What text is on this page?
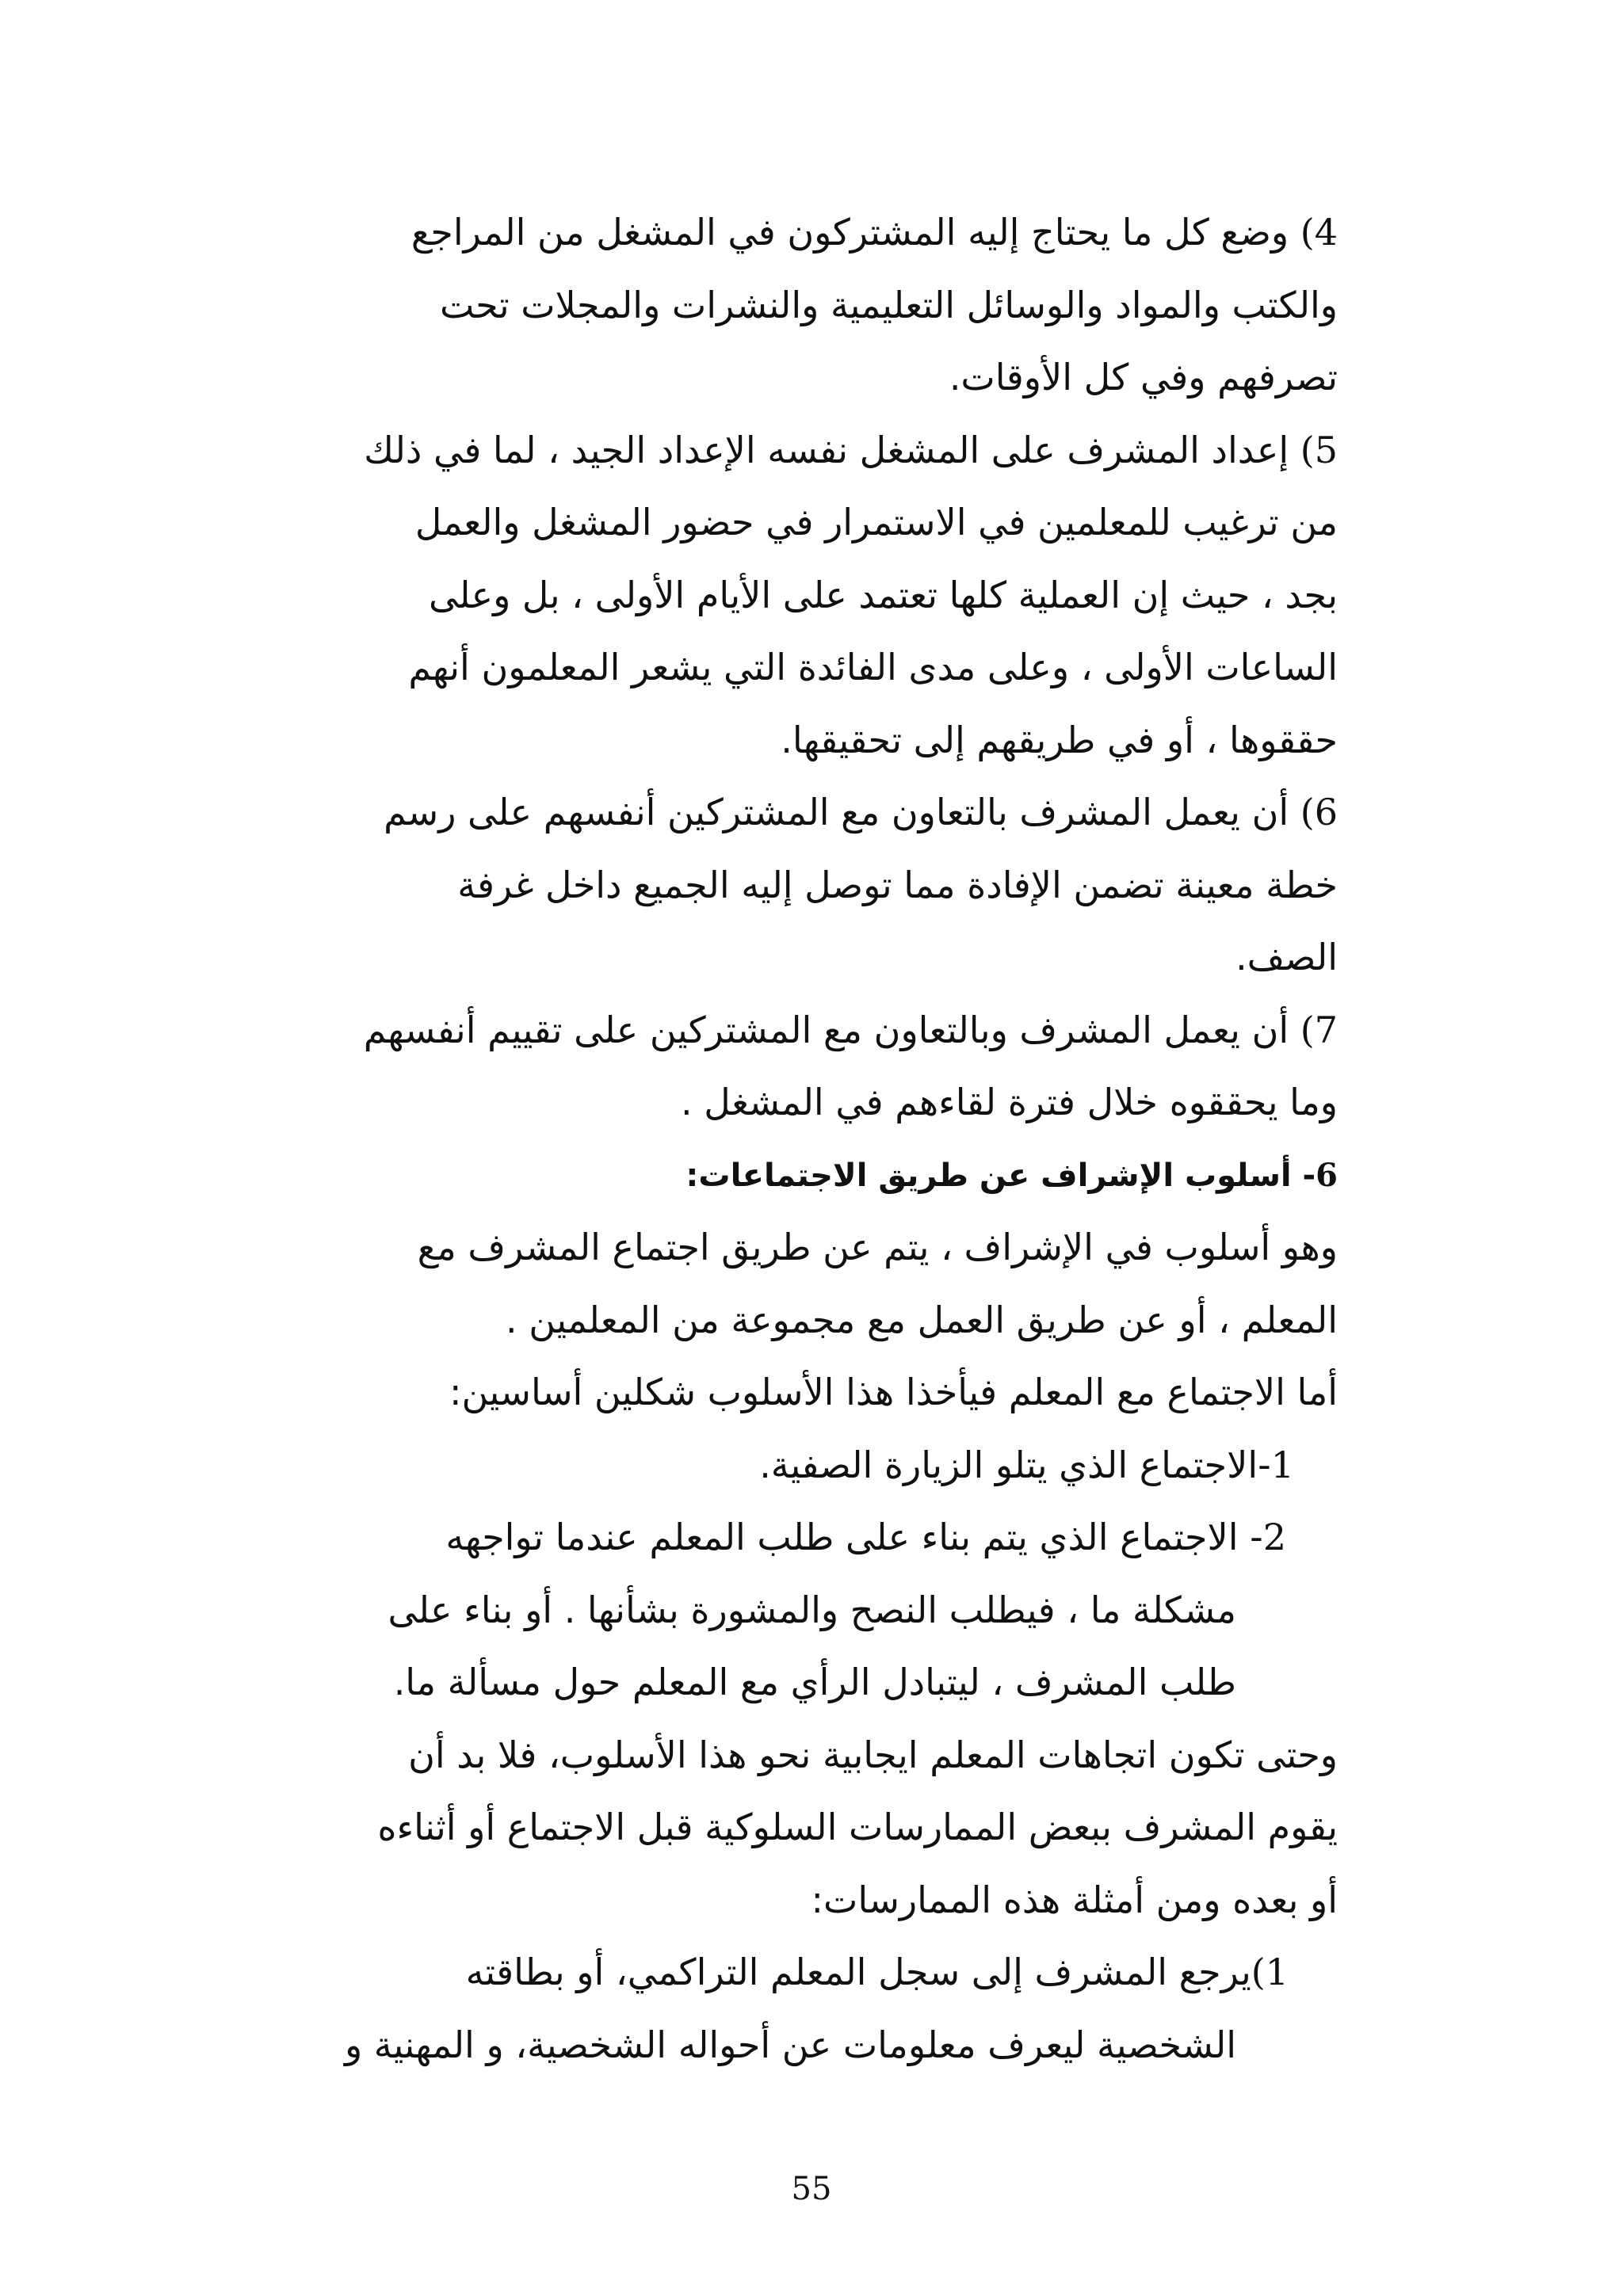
4) وضع كل ما يحتاج إليه المشتركون في المشغل من المراجع
والكتب والمواد والوسائل التعليمية والنشرات والمجلات تحت
تصرفهم وفي كل الأوقات.
5) إعداد المشرف على المشغل نفسه الإعداد الجيد ، لما في ذلك
من ترغيب للمعلمين في الاستمرار في حضور المشغل والعمل
بجد ، حيث إن العملية كلها تعتمد على الأيام الأولى ، بل وعلى
الساعات الأولى ، وعلى مدى الفائدة التي يشعر المعلمون أنهم
حققوها ، أو في طريقهم إلى تحقيقها.
6) أن يعمل المشرف بالتعاون مع المشتركين أنفسهم على رسم
خطة معينة تضمن الإفادة مما توصل إليه الجميع داخل غرفة
الصف.
7) أن يعمل المشرف وبالتعاون مع المشتركين على تقييم أنفسهم
وما يحققوه خلال فترة لقاءهم في المشغل .
6- أسلوب الإشراف عن طريق الاجتماعات:
وهو أسلوب في الإشراف ، يتم عن طريق اجتماع المشرف مع
المعلم ، أو عن طريق العمل مع مجموعة من المعلمين .
أما الاجتماع مع المعلم فيأخذا هذا الأسلوب شكلين أساسين:
1-الاجتماع الذي يتلو الزيارة الصفية.
2- الاجتماع الذي يتم بناء على طلب المعلم عندما تواجهه
مشكلة ما ، فيطلب النصح والمشورة بشأنها . أو بناء على
طلب المشرف ، ليتبادل الرأي مع المعلم حول مسألة ما.
وحتى تكون اتجاهات المعلم ايجابية نحو هذا الأسلوب، فلا بد أن
يقوم المشرف ببعض الممارسات السلوكية قبل الاجتماع أو أثناءه
أو بعده ومن أمثلة هذه الممارسات:
1)يرجع المشرف إلى سجل المعلم التراكمي، أو بطاقته
الشخصية ليعرف معلومات عن أحواله الشخصية، و المهنية و
55
